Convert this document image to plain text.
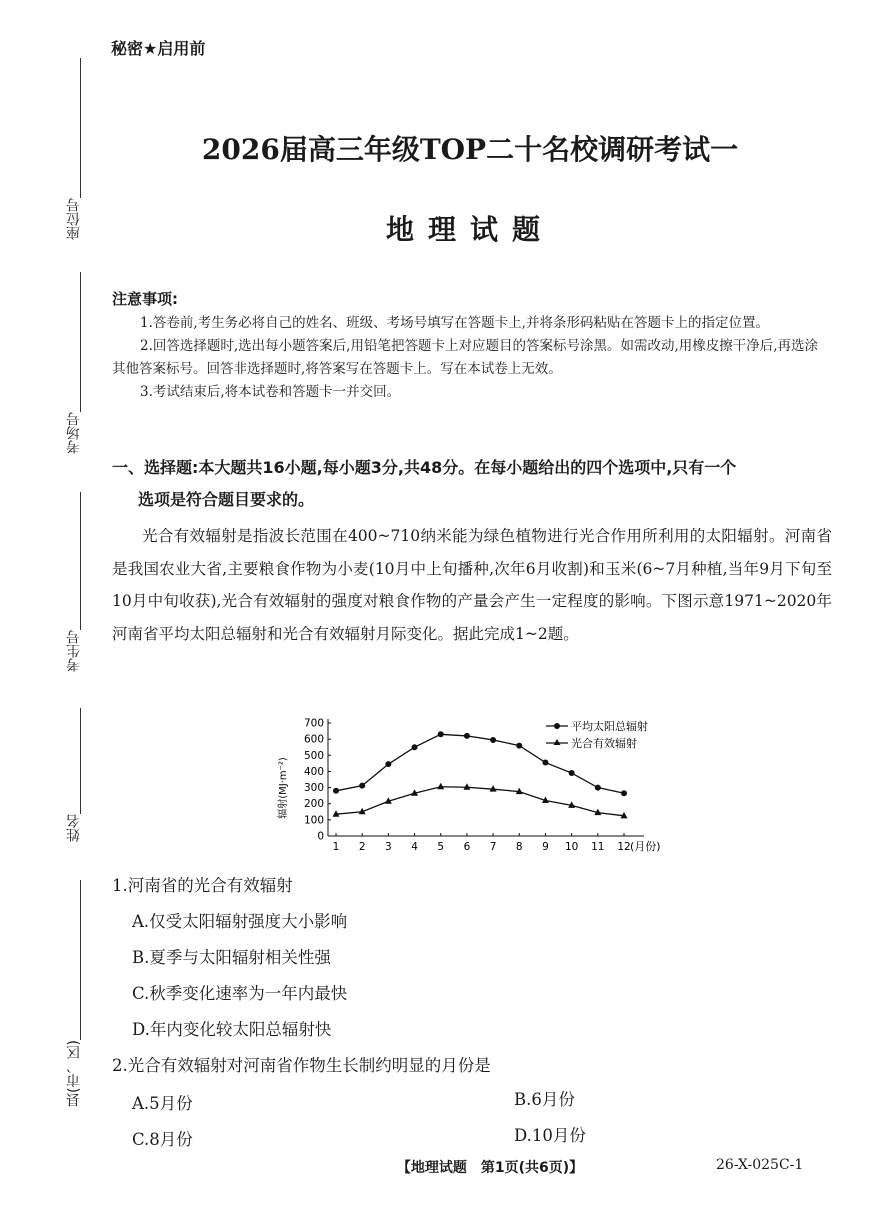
秘密★启用前
2026届高三年级TOP二十名校调研考试一
地理试题
座位号
考场号
考生号
姓名
县(市、区)
注意事项:

1.答卷前,考生务必将自己的姓名、班级、考场号填写在答题卡上,并将条形码粘贴在答题卡上的指定位置。

2.回答选择题时,选出每小题答案后,用铅笔把答题卡上对应题目的答案标号涂黑。如需改动,用橡皮擦干净后,再选涂其他答案标号。回答非选择题时,将答案写在答题卡上。写在本试卷上无效。

3.考试结束后,将本试卷和答题卡一并交回。

一、选择题:本大题共16小题,每小题3分,共48分。在每小题给出的四个选项中,只有一个
选项是符合题目要求的。
光合有效辐射是指波长范围在400~710纳米能为绿色植物进行光合作用所利用的太阳辐射。河南省是我国农业大省,主要粮食作物为小麦(10月中上旬播种,次年6月收割)和玉米(6~7月种植,当年9月下旬至10月中旬收获),光合有效辐射的强度对粮食作物的产量会产生一定程度的影响。下图示意1971~2020年河南省平均太阳总辐射和光合有效辐射月际变化。据此完成1~2题。
0
100
200
300
400
500
600
700
1 2 3 4 5 6 7 8 9 10 11 12
辐射(MJ·m⁻²)
(月份)
平均太阳总辐射
光合有效辐射
1.河南省的光合有效辐射
A.仅受太阳辐射强度大小影响
B.夏季与太阳辐射相关性强
C.秋季变化速率为一年内最快
D.年内变化较太阳总辐射快
2.光合有效辐射对河南省作物生长制约明显的月份是
A.5月份	B.6月份
C.8月份	D.10月份
【地理试题　第1页(共6页)】	26-X-025C-1
